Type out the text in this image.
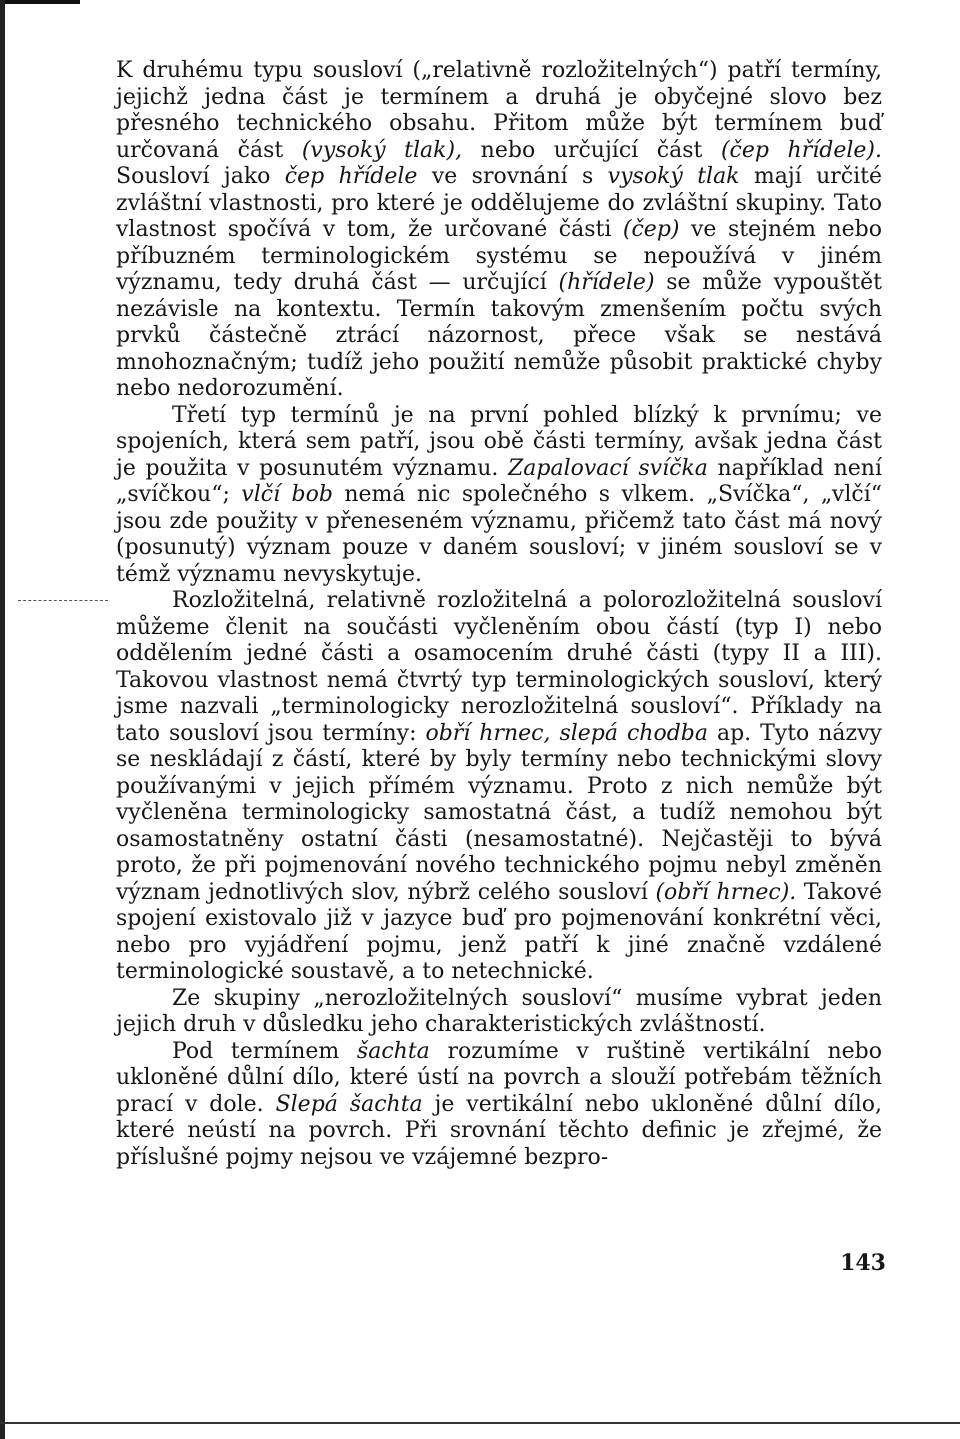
K druhému typu sousloví („relativně rozložitelných“) patří termíny, jejichž jedna část je termínem a druhá je obyčejné slovo bez přesného technického obsahu. Přitom může být termínem buď určovaná část (vysoký tlak), nebo určující část (čep hřídele). Sousloví jako čep hřídele ve srovnání s vysoký tlak mají určité zvláštní vlastnosti, pro které je oddělujeme do zvláštní skupiny. Tato vlastnost spočívá v tom, že určované části (čep) ve stejném nebo příbuzném terminologickém systému se nepoužívá v jiném významu, tedy druhá část — určující (hřídele) se může vypouštět nezávisle na kontextu. Termín takovým zmenšením počtu svých prvků částečně ztrácí názornost, přece však se nestává mnohoznačným; tudíž jeho použití nemůže působit praktické chyby nebo nedorozumění.

Třetí typ termínů je na první pohled blízký k prvnímu; ve spojeních, která sem patří, jsou obě části termíny, avšak jedna část je použita v posunutém významu. Zapalovací svíčka například není „svíčkou“; vlčí bob nemá nic společného s vlkem. „Svíčka“, „vlčí“ jsou zde použity v přeneseném významu, přičemž tato část má nový (posunutý) význam pouze v daném sousloví; v jiném sousloví se v témž významu nevyskytuje.

Rozložitelná, relativně rozložitelná a polorozložitelná sousloví můžeme členit na součásti vyčleněním obou částí (typ I) nebo oddělením jedné části a osamocením druhé části (typy II a III). Takovou vlastnost nemá čtvrtý typ terminologických sousloví, který jsme nazvali „terminologicky nerozložitelná sousloví“. Příklady na tato sousloví jsou termíny: obří hrnec, slepá chodba ap. Tyto názvy se neskládají z částí, které by byly termíny nebo technickými slovy používanými v jejich přímém významu. Proto z nich nemůže být vyčleněna terminologicky samostatná část, a tudíž nemohou být osamostatněny ostatní části (nesamostatné). Nejčastěji to bývá proto, že při pojmenování nového technického pojmu nebyl změněn význam jednotlivých slov, nýbrž celého sousloví (obří hrnec). Takové spojení existovalo již v jazyce buď pro pojmenování konkrétní věci, nebo pro vyjádření pojmu, jenž patří k jiné značně vzdálené terminologické soustavě, a to netechnické.

Ze skupiny „nerozložitelných sousloví“ musíme vybrat jeden jejich druh v důsledku jeho charakteristických zvláštností.

Pod termínem šachta rozumíme v ruštině vertikální nebo ukloněné důlní dílo, které ústí na povrch a slouží potřebám těžních prací v dole. Slepá šachta je vertikální nebo ukloněné důlní dílo, které neústí na povrch. Při srovnání těchto definic je zřejmé, že příslušné pojmy nejsou ve vzájemné bezpro-

143
